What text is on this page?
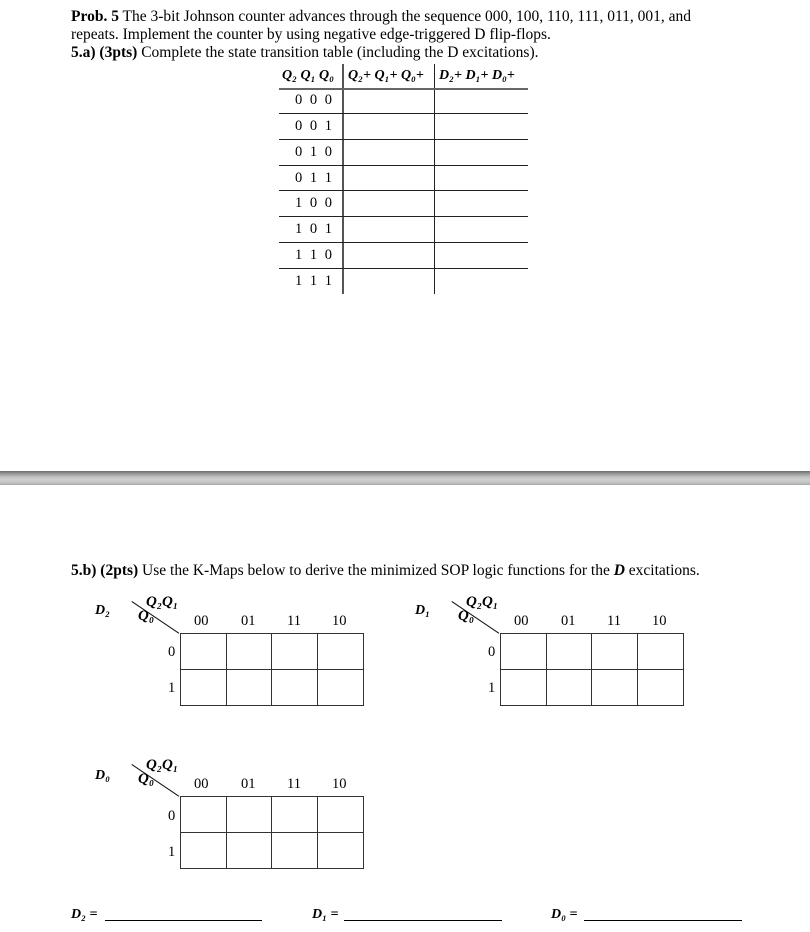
Prob. 5 The 3-bit Johnson counter advances through the sequence 000, 100, 110, 111, 011, 001, and
repeats. Implement the counter by using negative edge-triggered D flip-flops.
5.a) (3pts) Complete the state transition table (including the D excitations).
Q₂ Q₁ Q₀ Q₂+ Q₁+ Q₀+ D₂+ D₁+ D₀+
0 0 0
0 0 1
0 1 0
0 1 1
1 0 0
1 0 1
1 1 0
1 1 1
5.b) (2pts) Use the K-Maps below to derive the minimized SOP logic functions for the D excitations.
D₂
Q₂Q₁
Q₀	00 01 11 10
0
1
D₁
Q₂Q₁
Q₀	00 01 11 10
0
1
D₀
Q₂Q₁
Q₀	00 01 11 10
0
1
D₂ =	D₁ =	D₀ =
